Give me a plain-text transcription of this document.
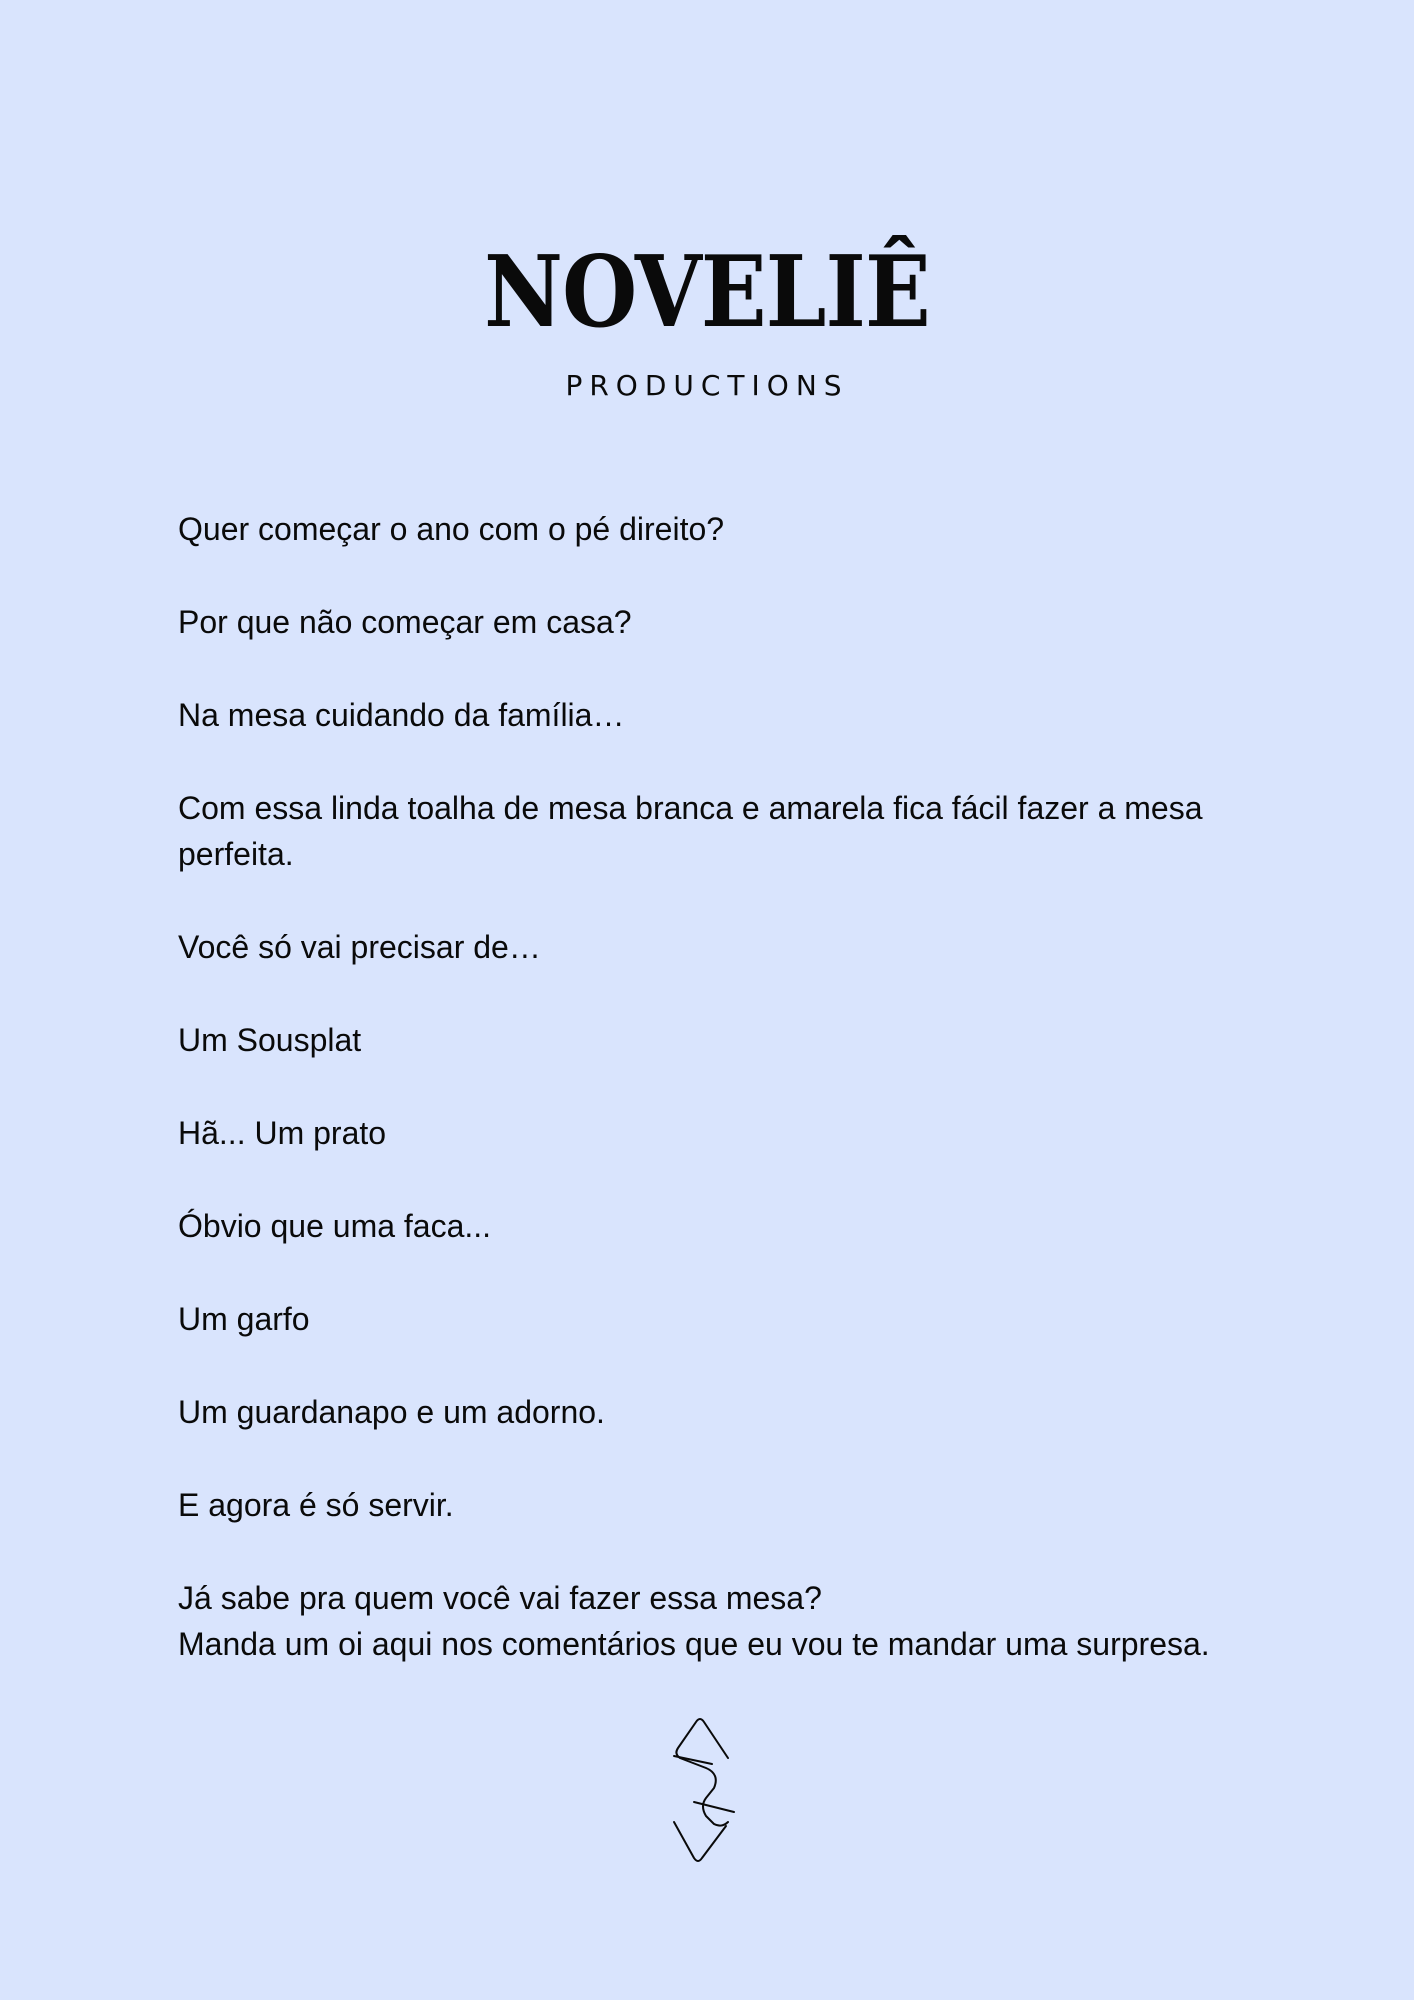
NOVELIÊ
PRODUCTIONS

Quer começar o ano com o pé direito?

Por que não começar em casa?

Na mesa cuidando da família…

Com essa linda toalha de mesa branca e amarela fica fácil fazer a mesa perfeita.

Você só vai precisar de…

Um Sousplat

Hã... Um prato

Óbvio que uma faca...

Um garfo

Um guardanapo e um adorno.

E agora é só servir.

Já sabe pra quem você vai fazer essa mesa?
Manda um oi aqui nos comentários que eu vou te mandar uma surpresa.
